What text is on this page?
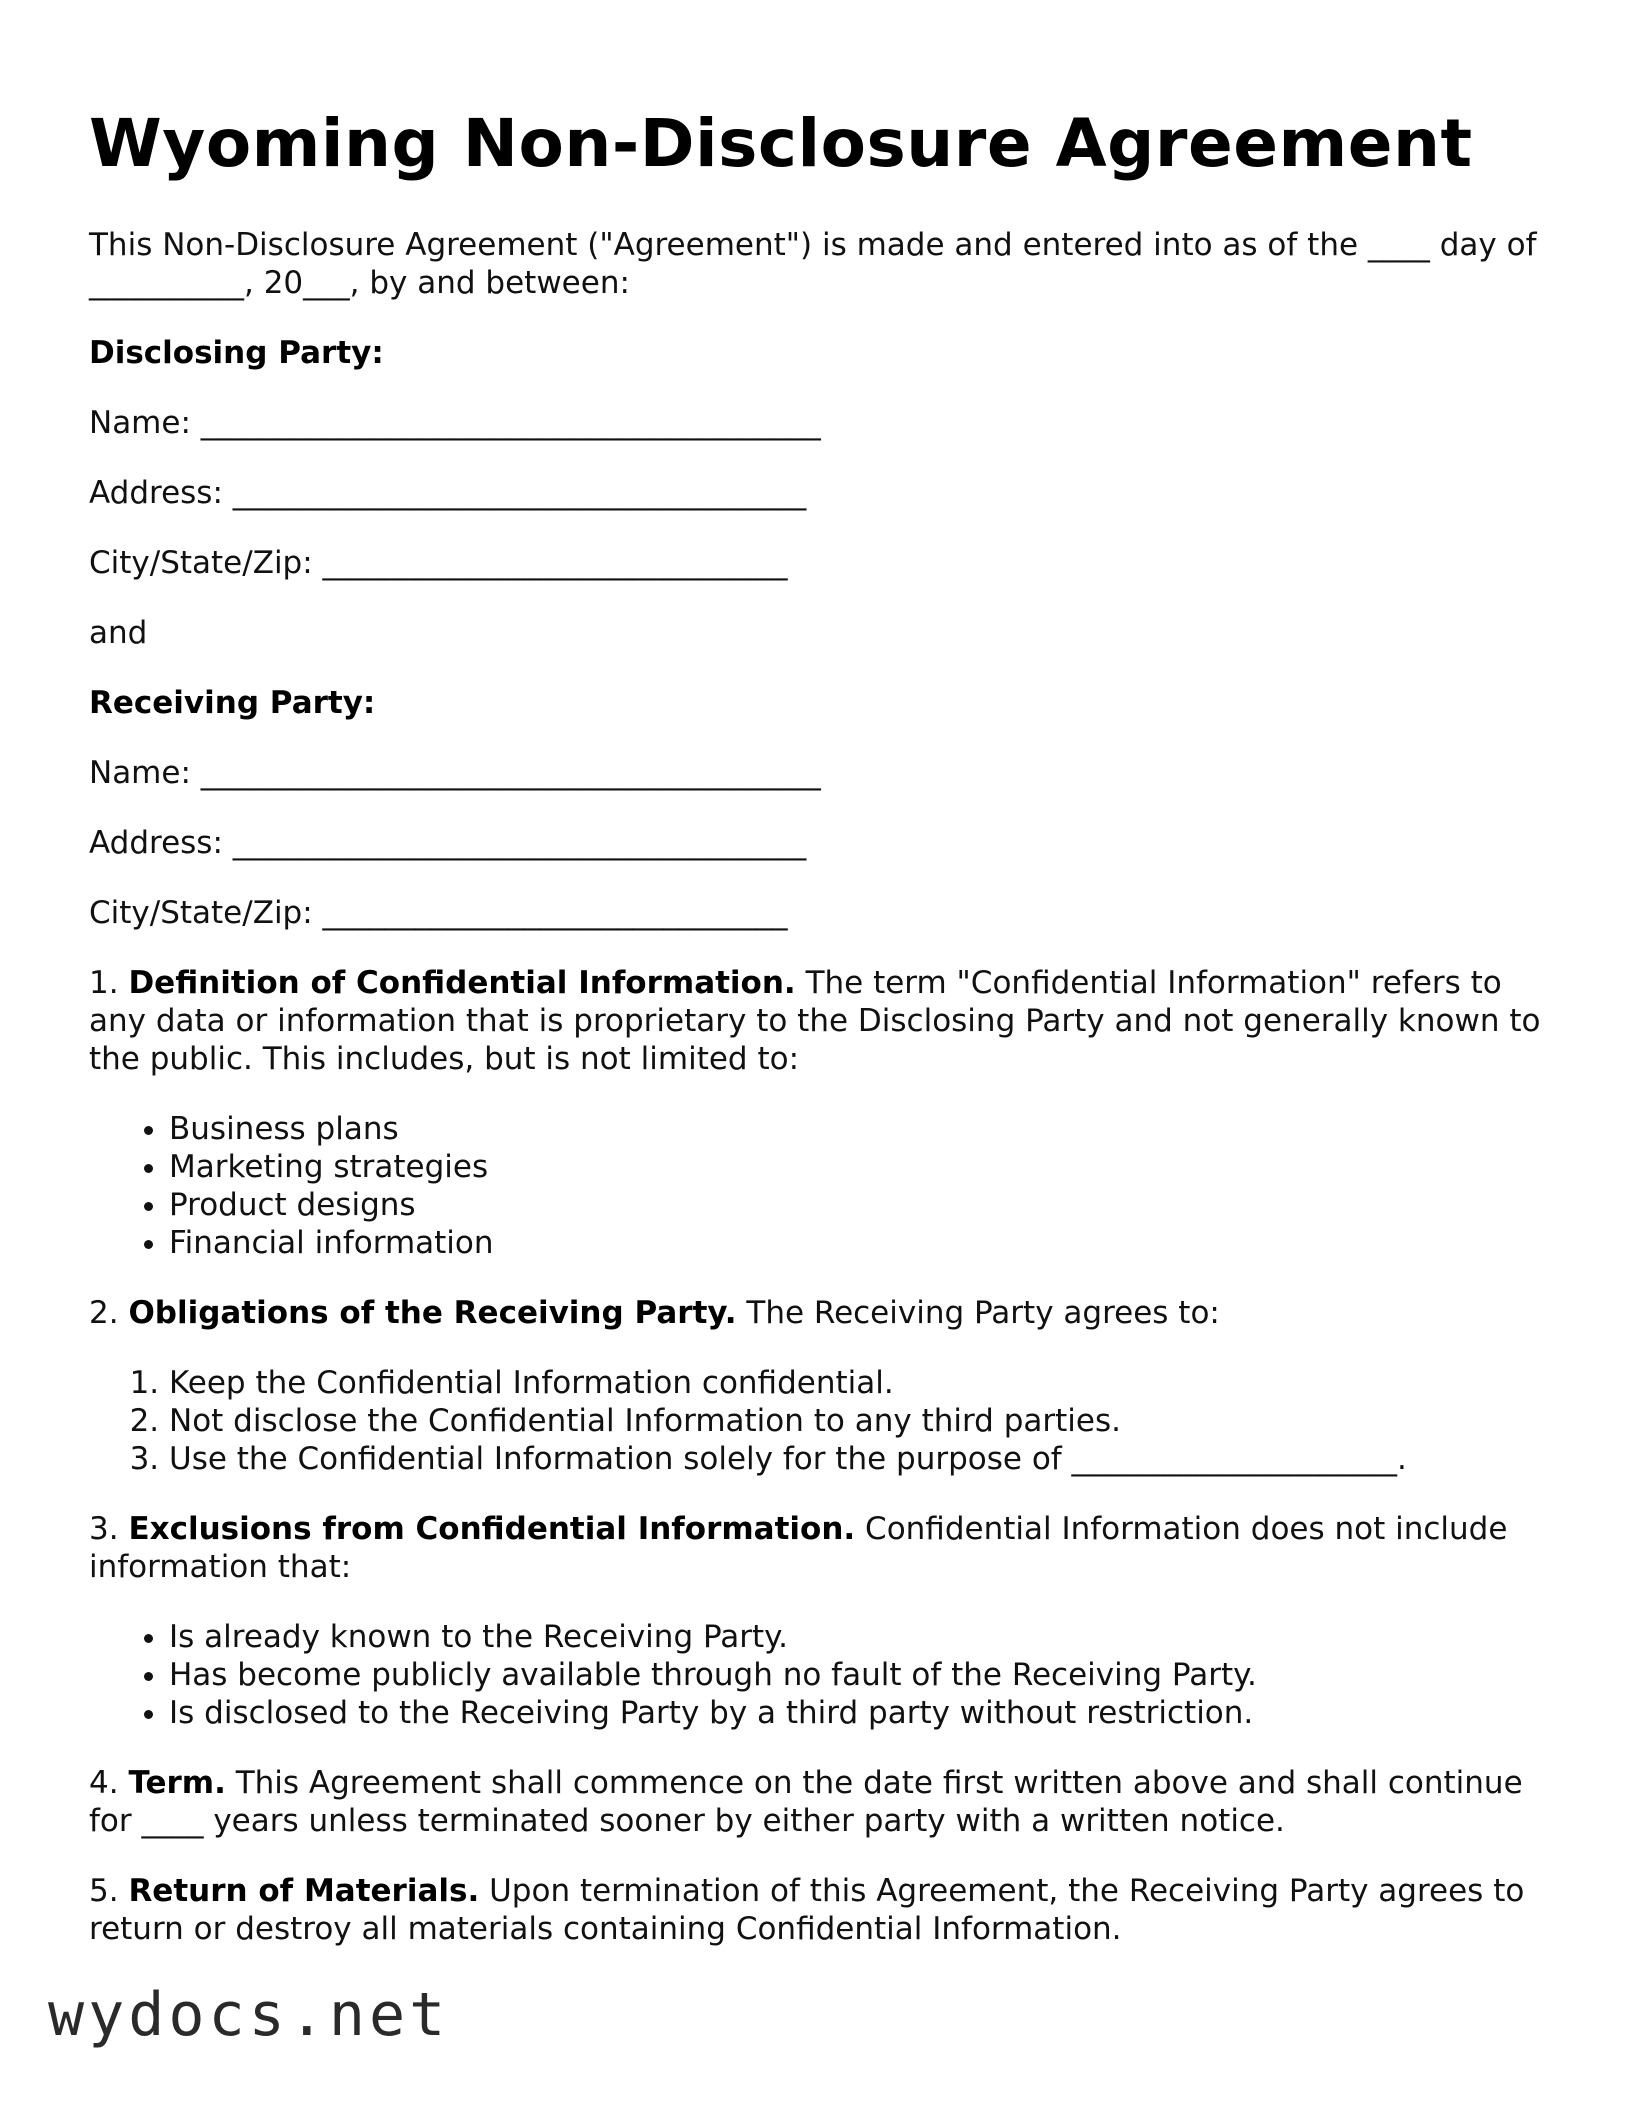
Wyoming Non-Disclosure Agreement

This Non-Disclosure Agreement ("Agreement") is made and entered into as of the ____ day of __________, 20___, by and between:

Disclosing Party:

Name: ________________________________________

Address: _____________________________________

City/State/Zip: ______________________________

and

Receiving Party:

Name: ________________________________________

Address: _____________________________________

City/State/Zip: ______________________________

1. Definition of Confidential Information. The term "Confidential Information" refers to any data or information that is proprietary to the Disclosing Party and not generally known to the public. This includes, but is not limited to:

• Business plans
• Marketing strategies
• Product designs
• Financial information

2. Obligations of the Receiving Party. The Receiving Party agrees to:

1. Keep the Confidential Information confidential.
2. Not disclose the Confidential Information to any third parties.
3. Use the Confidential Information solely for the purpose of _____________________.

3. Exclusions from Confidential Information. Confidential Information does not include information that:

• Is already known to the Receiving Party.
• Has become publicly available through no fault of the Receiving Party.
• Is disclosed to the Receiving Party by a third party without restriction.

4. Term. This Agreement shall commence on the date first written above and shall continue for ____ years unless terminated sooner by either party with a written notice.

5. Return of Materials. Upon termination of this Agreement, the Receiving Party agrees to return or destroy all materials containing Confidential Information.

wydocs.net
